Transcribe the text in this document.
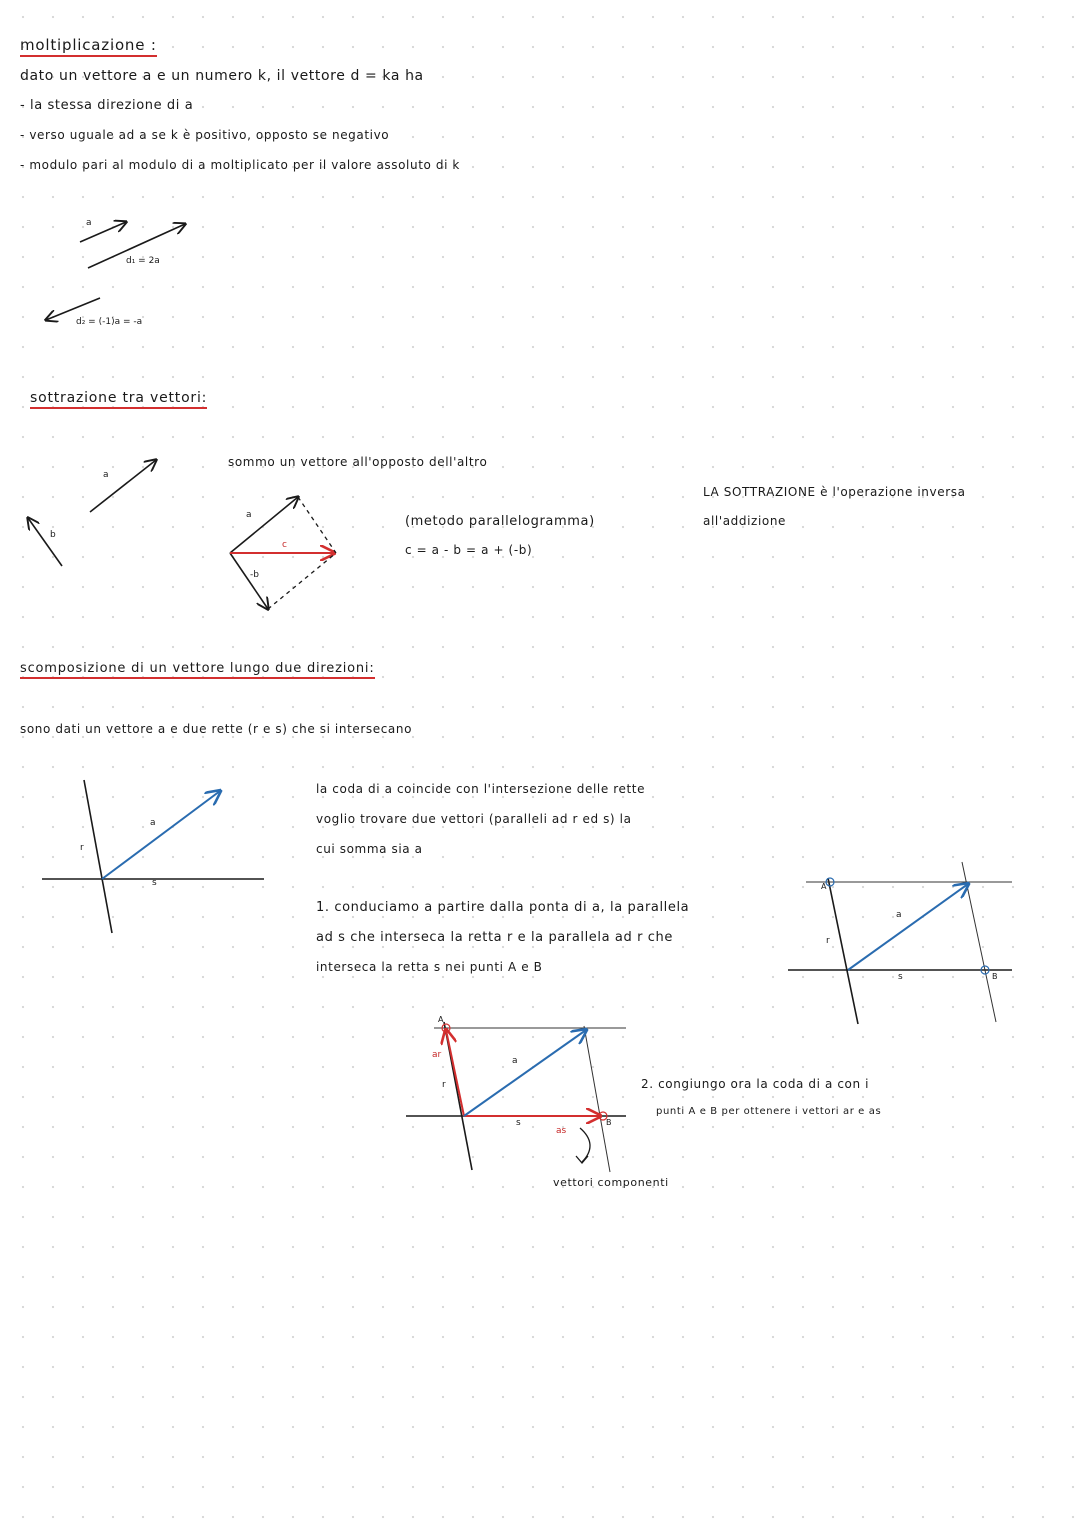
moltiplicazione :
dato un vettore a e un numero k, il vettore d = ka ha
- la stessa direzione di a
- verso uguale ad a se k è positivo, opposto se negativo
- modulo pari al modulo di a moltiplicato per il valore assoluto di k
a
d₁ = 2a
d₂ = (-1)a = -a
sottrazione tra vettori:
a
b
sommo un vettore all'opposto dell'altro
a
c
-b
(metodo parallelogramma)
c = a - b = a + (-b)
LA SOTTRAZIONE è l'operazione inversa
all'addizione
scomposizione di un vettore lungo due direzioni:
sono dati un vettore a e due rette (r e s) che si intersecano
r
s
a
la coda di a coincide con l'intersezione delle rette
voglio trovare due vettori (paralleli ad r ed s) la
cui somma sia a
1. conduciamo a partire dalla ponta di a, la parallela
ad s che interseca la retta r e la parallela ad r che
interseca la retta s nei punti A e B
A
B
r
s
a
A
B
ar
r
s
a
as
vettori componenti
2. congiungo ora la coda di a con i
punti A e B per ottenere i vettori ar e as
